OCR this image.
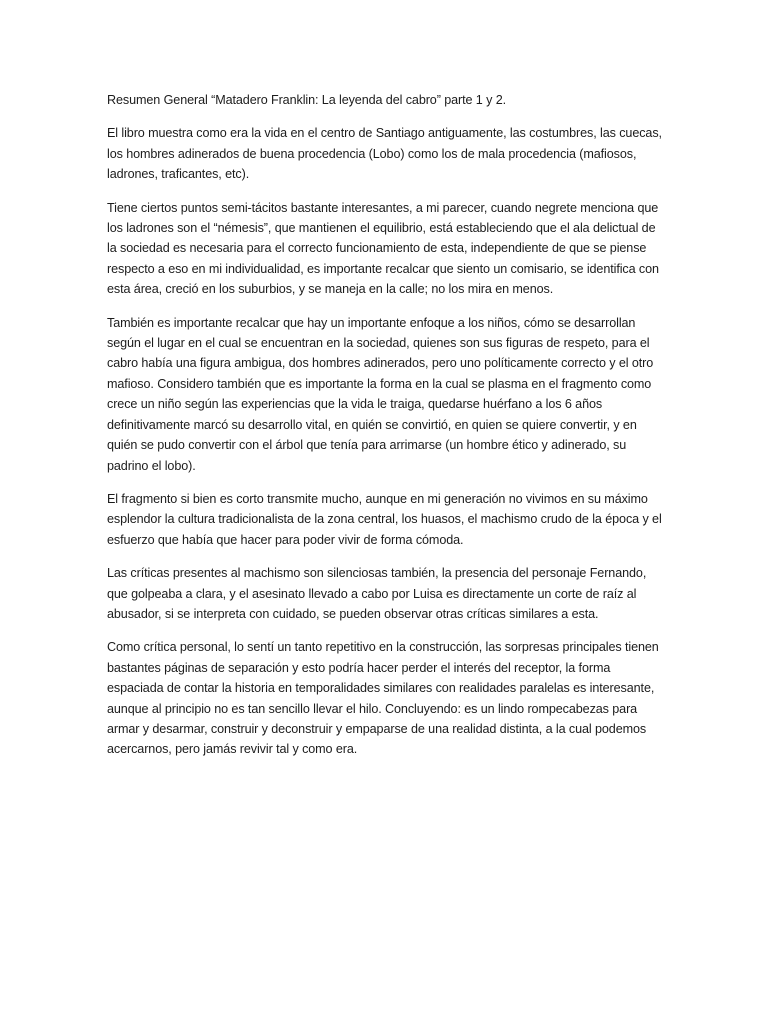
Resumen General “Matadero Franklin: La leyenda del cabro” parte 1 y 2.

El libro muestra como era la vida en el centro de Santiago antiguamente, las costumbres, las cuecas, los hombres adinerados de buena procedencia (Lobo) como los de mala procedencia (mafiosos, ladrones, traficantes, etc).

Tiene ciertos puntos semi-tácitos bastante interesantes, a mi parecer, cuando negrete menciona que los ladrones son el “némesis”, que mantienen el equilibrio, está estableciendo que el ala delictual de la sociedad es necesaria para el correcto funcionamiento de esta, independiente de que se piense respecto a eso en mi individualidad, es importante recalcar que siento un comisario, se identifica con esta área, creció en los suburbios, y se maneja en la calle; no los mira en menos.

También es importante recalcar que hay un importante enfoque a los niños, cómo se desarrollan según el lugar en el cual se encuentran en la sociedad, quienes son sus figuras de respeto, para el cabro había una figura ambigua, dos hombres adinerados, pero uno políticamente correcto y el otro mafioso. Considero también que es importante la forma en la cual se plasma en el fragmento como crece un niño según las experiencias que la vida le traiga, quedarse huérfano a los 6 años definitivamente marcó su desarrollo vital, en quién se convirtió, en quien se quiere convertir, y en quién se pudo convertir con el árbol que tenía para arrimarse (un hombre ético y adinerado, su padrino el lobo).

El fragmento si bien es corto transmite mucho, aunque en mi generación no vivimos en su máximo esplendor la cultura tradicionalista de la zona central, los huasos, el machismo crudo de la época y el esfuerzo que había que hacer para poder vivir de forma cómoda.

Las críticas presentes al machismo son silenciosas también, la presencia del personaje Fernando, que golpeaba a clara, y el asesinato llevado a cabo por Luisa es directamente un corte de raíz al abusador, si se interpreta con cuidado, se pueden observar otras críticas similares a esta.

Como crítica personal, lo sentí un tanto repetitivo en la construcción, las sorpresas principales tienen bastantes páginas de separación y esto podría hacer perder el interés del receptor, la forma espaciada de contar la historia en temporalidades similares con realidades paralelas es interesante, aunque al principio no es tan sencillo llevar el hilo. Concluyendo: es un lindo rompecabezas para armar y desarmar, construir y deconstruir y empaparse de una realidad distinta, a la cual podemos acercarnos, pero jamás revivir tal y como era.
